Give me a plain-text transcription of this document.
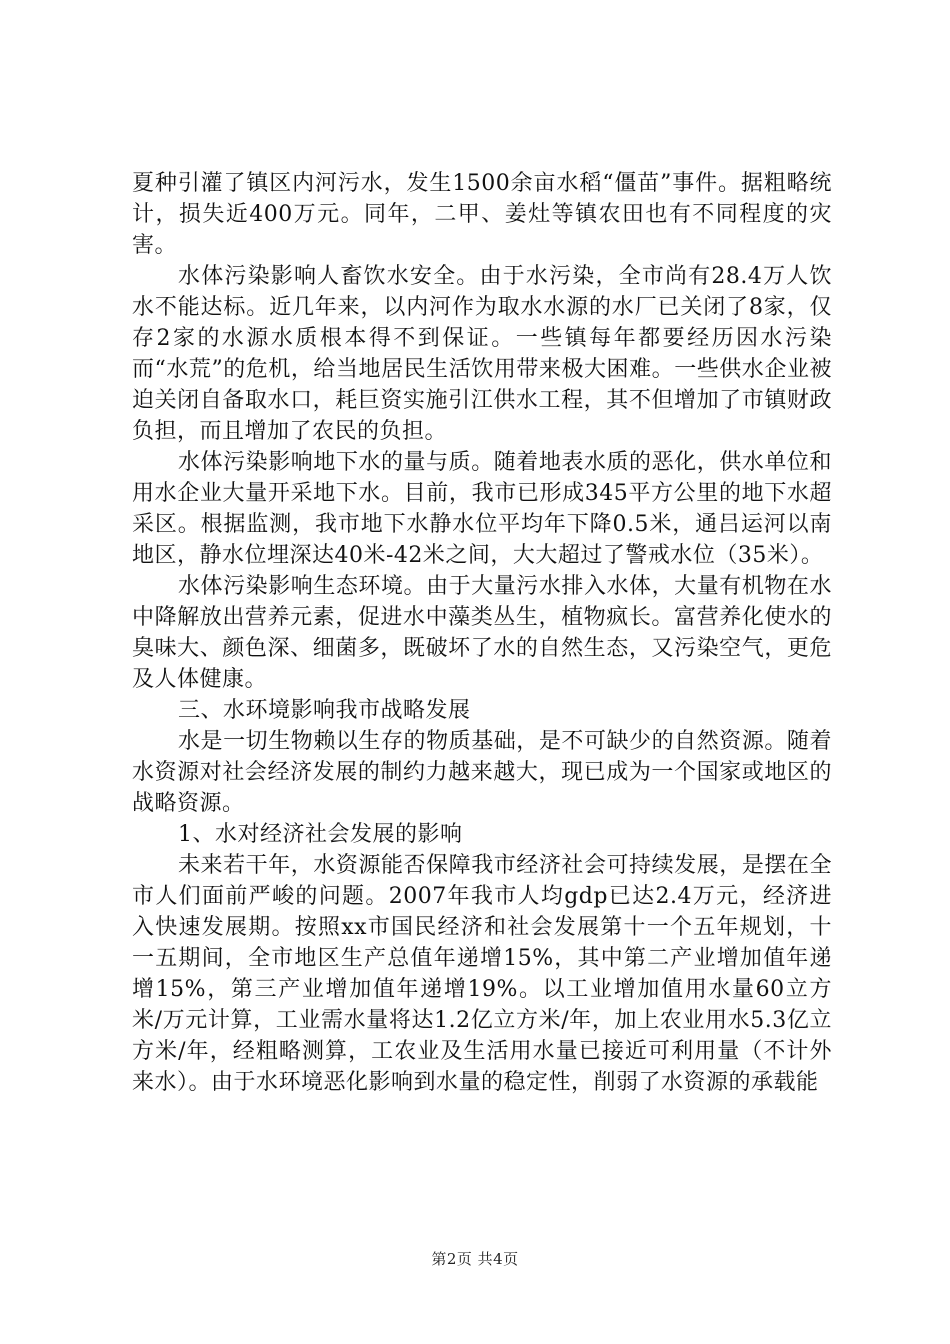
夏种引灌了镇区内河污水，发生1500余亩水稻“僵苗”事件。据粗略统计，损失近400万元。同年，二甲、姜灶等镇农田也有不同程度的灾害。

水体污染影响人畜饮水安全。由于水污染，全市尚有28.4万人饮水不能达标。近几年来，以内河作为取水水源的水厂已关闭了8家，仅存2家的水源水质根本得不到保证。一些镇每年都要经历因水污染而“水荒”的危机，给当地居民生活饮用带来极大困难。一些供水企业被迫关闭自备取水口，耗巨资实施引江供水工程，其不但增加了市镇财政负担，而且增加了农民的负担。

水体污染影响地下水的量与质。随着地表水质的恶化，供水单位和用水企业大量开采地下水。目前，我市已形成345平方公里的地下水超采区。根据监测，我市地下水静水位平均年下降0.5米，通吕运河以南地区，静水位埋深达40米-42米之间，大大超过了警戒水位（35米）。

水体污染影响生态环境。由于大量污水排入水体，大量有机物在水中降解放出营养元素，促进水中藻类丛生，植物疯长。富营养化使水的臭味大、颜色深、细菌多，既破坏了水的自然生态，又污染空气，更危及人体健康。

三、水环境影响我市战略发展

水是一切生物赖以生存的物质基础，是不可缺少的自然资源。随着水资源对社会经济发展的制约力越来越大，现已成为一个国家或地区的战略资源。

1、水对经济社会发展的影响

未来若干年，水资源能否保障我市经济社会可持续发展，是摆在全市人们面前严峻的问题。2007年我市人均gdp已达2.4万元，经济进入快速发展期。按照xx市国民经济和社会发展第十一个五年规划，十一五期间，全市地区生产总值年递增15%，其中第二产业增加值年递增15%，第三产业增加值年递增19%。以工业增加值用水量60立方米/万元计算，工业需水量将达1.2亿立方米/年，加上农业用水5.3亿立方米/年，经粗略测算，工农业及生活用水量已接近可利用量（不计外来水）。由于水环境恶化影响到水量的稳定性，削弱了水资源的承载能

第2页 共4页
